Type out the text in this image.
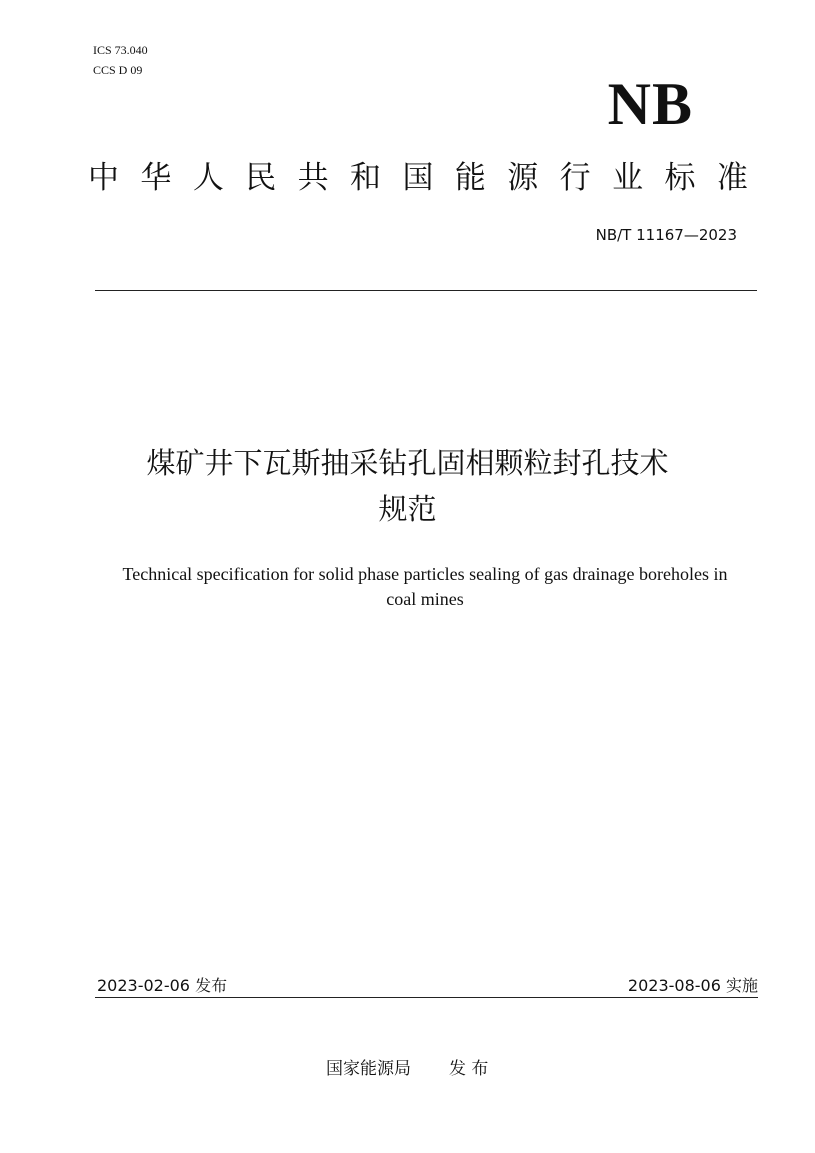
ICS 73.040
CCS D 09
NB
中 华 人 民 共 和 国 能 源 行 业 标 准
NB/T 11167—2023
煤矿井下瓦斯抽采钻孔固相颗粒封孔技术
规范
Technical specification for solid phase particles sealing of gas drainage boreholes in
coal mines
2023-02-06 发布	2023-08-06 实施
国家能源局 发 布
